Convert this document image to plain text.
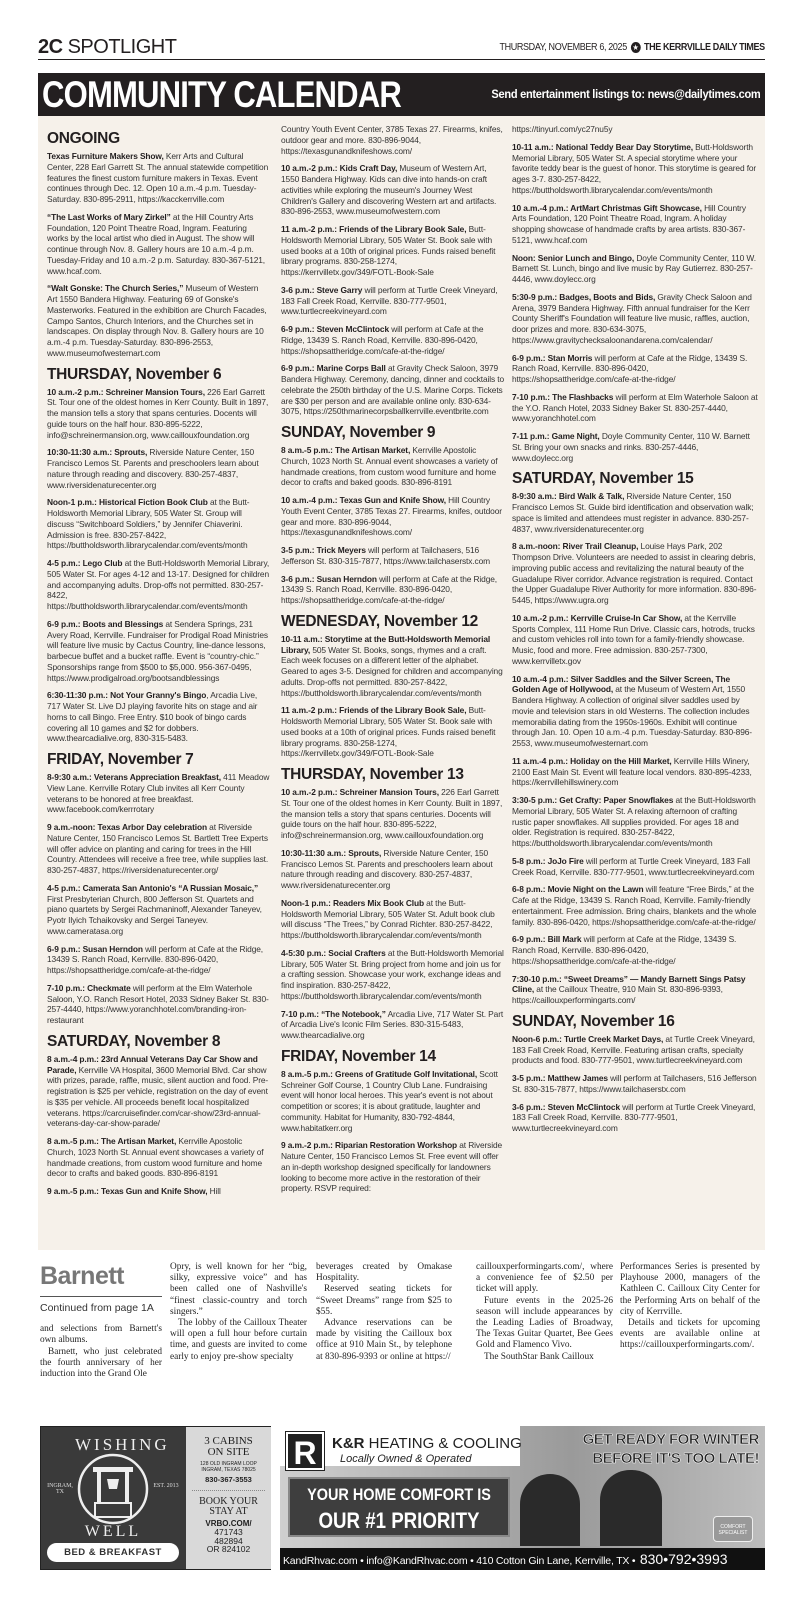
2C SPOTLIGHT	THURSDAY, NOVEMBER 6, 2025 ★ THE KERRVILLE DAILY TIMES
COMMUNITY CALENDAR	Send entertainment listings to: news@dailytimes.com
ONGOING
Texas Furniture Makers Show, Kerr Arts and Cultural Center, 228 Earl Garrett St. The annual statewide competition features the finest custom furniture makers in Texas. Event continues through Dec. 12. Open 10 a.m.-4 p.m. Tuesday-Saturday. 830-895-2911, https://kacckerrville.com
“The Last Works of Mary Zirkel” at the Hill Country Arts Foundation, 120 Point Theatre Road, Ingram. Featuring works by the local artist who died in August. The show will continue through Nov. 8. Gallery hours are 10 a.m.-4 p.m. Tuesday-Friday and 10 a.m.-2 p.m. Saturday. 830-367-5121, www.hcaf.com.
“Walt Gonske: The Church Series,” Museum of Western Art 1550 Bandera Highway. Featuring 69 of Gonske's Masterworks. Featured in the exhibition are Church Facades, Campo Santos, Church Interiors, and the Churches set in landscapes. On display through Nov. 8. Gallery hours are 10 a.m.-4 p.m. Tuesday-Saturday. 830-896-2553, www.museumofwesternart.com
THURSDAY, November 6
10 a.m.-2 p.m.: Schreiner Mansion Tours, 226 Earl Garrett St. Tour one of the oldest homes in Kerr County. Built in 1897, the mansion tells a story that spans centuries. Docents will guide tours on the half hour. 830-895-5222, info@schreinermansion.org, www.caillouxfoundation.org
10:30-11:30 a.m.: Sprouts, Riverside Nature Center, 150 Francisco Lemos St. Parents and preschoolers learn about nature through reading and discovery. 830-257-4837, www.riversidenaturecenter.org
Noon-1 p.m.: Historical Fiction Book Club at the Butt-Holdsworth Memorial Library, 505 Water St. Group will discuss “Switchboard Soldiers,” by Jennifer Chiaverini. Admission is free. 830-257-8422, https://buttholdsworth.librarycalendar.com/events/month
4-5 p.m.: Lego Club at the Butt-Holdsworth Memorial Library, 505 Water St. For ages 4-12 and 13-17. Designed for children and accompanying adults. Drop-offs not permitted. 830-257-8422, https://buttholdsworth.librarycalendar.com/events/month
6-9 p.m.: Boots and Blessings at Sendera Springs, 231 Avery Road, Kerrville. Fundraiser for Prodigal Road Ministries will feature live music by Cactus Country, line-dance lessons, barbecue buffet and a bucket raffle. Event is “country-chic.” Sponsorships range from $500 to $5,000. 956-367-0495, https://www.prodigalroad.org/bootsandblessings
6:30-11:30 p.m.: Not Your Granny's Bingo, Arcadia Live, 717 Water St. Live DJ playing favorite hits on stage and air horns to call Bingo. Free Entry. $10 book of bingo cards covering all 10 games and $2 for dobbers. www.thearcadialive.org, 830-315-5483.
FRIDAY, November 7
8-9:30 a.m.: Veterans Appreciation Breakfast, 411 Meadow View Lane. Kerrville Rotary Club invites all Kerr County veterans to be honored at free breakfast. www.facebook.com/kerrrotary
9 a.m.-noon: Texas Arbor Day celebration at Riverside Nature Center, 150 Francisco Lemos St. Bartlett Tree Experts will offer advice on planting and caring for trees in the Hill Country. Attendees will receive a free tree, while supplies last. 830-257-4837, https://riversidenaturecenter.org/
4-5 p.m.: Camerata San Antonio's “A Russian Mosaic,” First Presbyterian Church, 800 Jefferson St. Quartets and piano quartets by Sergei Rachmaninoff, Alexander Taneyev, Pyotr Ilyich Tchaikovsky and Sergei Taneyev. www.cameratasa.org
6-9 p.m.: Susan Herndon will perform at Cafe at the Ridge, 13439 S. Ranch Road, Kerrville. 830-896-0420, https://shopsattheridge.com/cafe-at-the-ridge/
7-10 p.m.: Checkmate will perform at the Elm Waterhole Saloon, Y.O. Ranch Resort Hotel, 2033 Sidney Baker St. 830-257-4440, https://www.yoranchhotel.com/branding-iron-restaurant
SATURDAY, November 8
8 a.m.-4 p.m.: 23rd Annual Veterans Day Car Show and Parade, Kerrville VA Hospital, 3600 Memorial Blvd. Car show with prizes, parade, raffle, music, silent auction and food. Pre-registration is $25 per vehicle, registration on the day of event is $35 per vehicle. All proceeds benefit local hospitalized veterans. https://carcruisefinder.com/car-show/23rd-annual-veterans-day-car-show-parade/
8 a.m.-5 p.m.: The Artisan Market, Kerrville Apostolic Church, 1023 North St. Annual event showcases a variety of handmade creations, from custom wood furniture and home decor to crafts and baked goods. 830-896-8191
9 a.m.-5 p.m.: Texas Gun and Knife Show, Hill
Country Youth Event Center, 3785 Texas 27. Firearms, knifes, outdoor gear and more. 830-896-9044, https://texasgunandknifeshows.com/
10 a.m.-2 p.m.: Kids Craft Day, Museum of Western Art, 1550 Bandera Highway. Kids can dive into hands-on craft activities while exploring the museum's Journey West Children's Gallery and discovering Western art and artifacts. 830-896-2553, www.museumofwestern.com
11 a.m.-2 p.m.: Friends of the Library Book Sale, Butt-Holdsworth Memorial Library, 505 Water St. Book sale with used books at a 10th of original prices. Funds raised benefit library programs. 830-258-1274, https://kerrvilletx.gov/349/FOTL-Book-Sale
3-6 p.m.: Steve Garry will perform at Turtle Creek Vineyard, 183 Fall Creek Road, Kerrville. 830-777-9501, www.turtlecreekvineyard.com
6-9 p.m.: Steven McClintock will perform at Cafe at the Ridge, 13439 S. Ranch Road, Kerrville. 830-896-0420, https://shopsattheridge.com/cafe-at-the-ridge/
6-9 p.m.: Marine Corps Ball at Gravity Check Saloon, 3979 Bandera Highway. Ceremony, dancing, dinner and cocktails to celebrate the 250th birthday of the U.S. Marine Corps. Tickets are $30 per person and are available online only. 830-634-3075, https://250thmarinecorpsballkerrville.eventbrite.com
SUNDAY, November 9
8 a.m.-5 p.m.: The Artisan Market, Kerrville Apostolic Church, 1023 North St. Annual event showcases a variety of handmade creations, from custom wood furniture and home decor to crafts and baked goods. 830-896-8191
10 a.m.-4 p.m.: Texas Gun and Knife Show, Hill Country Youth Event Center, 3785 Texas 27. Firearms, knifes, outdoor gear and more. 830-896-9044, https://texasgunandknifeshows.com/
3-5 p.m.: Trick Meyers will perform at Tailchasers, 516 Jefferson St. 830-315-7877, https://www.tailchaserstx.com
3-6 p.m.: Susan Herndon will perform at Cafe at the Ridge, 13439 S. Ranch Road, Kerrville. 830-896-0420, https://shopsattheridge.com/cafe-at-the-ridge/
WEDNESDAY, November 12
10-11 a.m.: Storytime at the Butt-Holdsworth Memorial Library, 505 Water St. Books, songs, rhymes and a craft. Each week focuses on a different letter of the alphabet. Geared to ages 3-5. Designed for children and accompanying adults. Drop-offs not permitted. 830-257-8422, https://buttholdsworth.librarycalendar.com/events/month
11 a.m.-2 p.m.: Friends of the Library Book Sale, Butt-Holdsworth Memorial Library, 505 Water St. Book sale with used books at a 10th of original prices. Funds raised benefit library programs. 830-258-1274, https://kerrvilletx.gov/349/FOTL-Book-Sale
THURSDAY, November 13
10 a.m.-2 p.m.: Schreiner Mansion Tours, 226 Earl Garrett St. Tour one of the oldest homes in Kerr County. Built in 1897, the mansion tells a story that spans centuries. Docents will guide tours on the half hour. 830-895-5222, info@schreinermansion.org, www.caillouxfoundation.org
10:30-11:30 a.m.: Sprouts, Riverside Nature Center, 150 Francisco Lemos St. Parents and preschoolers learn about nature through reading and discovery. 830-257-4837, www.riversidenaturecenter.org
Noon-1 p.m.: Readers Mix Book Club at the Butt-Holdsworth Memorial Library, 505 Water St. Adult book club will discuss “The Trees,” by Conrad Richter. 830-257-8422, https://buttholdsworth.librarycalendar.com/events/month
4-5:30 p.m.: Social Crafters at the Butt-Holdsworth Memorial Library, 505 Water St. Bring project from home and join us for a crafting session. Showcase your work, exchange ideas and find inspiration. 830-257-8422, https://buttholdsworth.librarycalendar.com/events/month
7-10 p.m.: “The Notebook,” Arcadia Live, 717 Water St. Part of Arcadia Live's Iconic Film Series. 830-315-5483, www.thearcadialive.org
FRIDAY, November 14
8 a.m.-5 p.m.: Greens of Gratitude Golf Invitational, Scott Schreiner Golf Course, 1 Country Club Lane. Fundraising event will honor local heroes. This year's event is not about competition or scores; it is about gratitude, laughter and community. Habitat for Humanity, 830-792-4844, www.habitatkerr.org
9 a.m.-2 p.m.: Riparian Restoration Workshop at Riverside Nature Center, 150 Francisco Lemos St. Free event will offer an in-depth workshop designed specifically for landowners looking to become more active in the restoration of their property. RSVP required:
https://tinyurl.com/yc27nu5y
10-11 a.m.: National Teddy Bear Day Storytime, Butt-Holdsworth Memorial Library, 505 Water St. A special storytime where your favorite teddy bear is the guest of honor. This storytime is geared for ages 3-7. 830-257-8422, https://buttholdsworth.librarycalendar.com/events/month
10 a.m.-4 p.m.: ArtMart Christmas Gift Showcase, Hill Country Arts Foundation, 120 Point Theatre Road, Ingram. A holiday shopping showcase of handmade crafts by area artists. 830-367-5121, www.hcaf.com
Noon: Senior Lunch and Bingo, Doyle Community Center, 110 W. Barnett St. Lunch, bingo and live music by Ray Gutierrez. 830-257-4446, www.doylecc.org
5:30-9 p.m.: Badges, Boots and Bids, Gravity Check Saloon and Arena, 3979 Bandera Highway. Fifth annual fundraiser for the Kerr County Sheriff's Foundation will feature live music, raffles, auction, door prizes and more. 830-634-3075, https://www.gravitychecksaloonandarena.com/calendar/
6-9 p.m.: Stan Morris will perform at Cafe at the Ridge, 13439 S. Ranch Road, Kerrville. 830-896-0420, https://shopsattheridge.com/cafe-at-the-ridge/
7-10 p.m.: The Flashbacks will perform at Elm Waterhole Saloon at the Y.O. Ranch Hotel, 2033 Sidney Baker St. 830-257-4440, www.yoranchhotel.com
7-11 p.m.: Game Night, Doyle Community Center, 110 W. Barnett St. Bring your own snacks and rinks. 830-257-4446, www.doylecc.org
SATURDAY, November 15
8-9:30 a.m.: Bird Walk & Talk, Riverside Nature Center, 150 Francisco Lemos St. Guide bird identification and observation walk; space is limited and attendees must register in advance. 830-257-4837, www.riversidenaturecenter.org
8 a.m.-noon: River Trail Cleanup, Louise Hays Park, 202 Thompson Drive. Volunteers are needed to assist in clearing debris, improving public access and revitalizing the natural beauty of the Guadalupe River corridor. Advance registration is required. Contact the Upper Guadalupe River Authority for more information. 830-896-5445, https://www.ugra.org
10 a.m.-2 p.m.: Kerrville Cruise-In Car Show, at the Kerrville Sports Complex, 111 Home Run Drive. Classic cars, hotrods, trucks and custom vehicles roll into town for a family-friendly showcase. Music, food and more. Free admission. 830-257-7300, www.kerrvilletx.gov
10 a.m.-4 p.m.: Silver Saddles and the Silver Screen, The Golden Age of Hollywood, at the Museum of Western Art, 1550 Bandera Highway. A collection of original silver saddles used by movie and television stars in old Westerns. The collection includes memorabilia dating from the 1950s-1960s. Exhibit will continue through Jan. 10. Open 10 a.m.-4 p.m. Tuesday-Saturday. 830-896-2553, www.museumofwesternart.com
11 a.m.-4 p.m.: Holiday on the Hill Market, Kerrville Hills Winery, 2100 East Main St. Event will feature local vendors. 830-895-4233, https://kerrvillehillswinery.com
3:30-5 p.m.: Get Crafty: Paper Snowflakes at the Butt-Holdsworth Memorial Library, 505 Water St. A relaxing afternoon of crafting rustic paper snowflakes. All supplies provided. For ages 18 and older. Registration is required. 830-257-8422, https://buttholdsworth.librarycalendar.com/events/month
5-8 p.m.: JoJo Fire will perform at Turtle Creek Vineyard, 183 Fall Creek Road, Kerrville. 830-777-9501, www.turtlecreekvineyard.com
6-8 p.m.: Movie Night on the Lawn will feature “Free Birds,” at the Cafe at the Ridge, 13439 S. Ranch Road, Kerrville. Family-friendly entertainment. Free admission. Bring chairs, blankets and the whole family. 830-896-0420, https://shopsattheridge.com/cafe-at-the-ridge/
6-9 p.m.: Bill Mark will perform at Cafe at the Ridge, 13439 S. Ranch Road, Kerrville. 830-896-0420, https://shopsattheridge.com/cafe-at-the-ridge/
7:30-10 p.m.: “Sweet Dreams” — Mandy Barnett Sings Patsy Cline, at the Cailloux Theatre, 910 Main St. 830-896-9393, https://caillouxperformingarts.com/
SUNDAY, November 16
Noon-6 p.m.: Turtle Creek Market Days, at Turtle Creek Vineyard, 183 Fall Creek Road, Kerrville. Featuring artisan crafts, specialty products and food. 830-777-9501, www.turtlecreekvineyard.com
3-5 p.m.: Matthew James will perform at Tailchasers, 516 Jefferson St. 830-315-7877, https://www.tailchaserstx.com
3-6 p.m.: Steven McClintock will perform at Turtle Creek Vineyard, 183 Fall Creek Road, Kerrville. 830-777-9501, www.turtlecreekvineyard.com
Barnett
Continued from page 1A

and selections from Barnett's own albums.

Barnett, who just celebrated the fourth anniversary of her induction into the Grand Ole

Opry, is well known for her “big, silky, expressive voice” and has been called one of Nashville's “finest classic-country and torch singers.”

The lobby of the Cailloux Theater will open a full hour before curtain time, and guests are invited to come early to enjoy pre-show specialty

beverages created by Omakase Hospitality.

Reserved seating tickets for “Sweet Dreams” range from $25 to $55.

Advance reservations can be made by visiting the Cailloux box office at 910 Main St., by telephone at 830-896-9393 or online at https://

caillouxperformingarts.com/, where a convenience fee of $2.50 per ticket will apply.

Future events in the 2025-26 season will include appearances by the Leading Ladies of Broadway, The Texas Guitar Quartet, Bee Gees Gold and Flamenco Vivo.

The SouthStar Bank Cailloux

Performances Series is presented by Playhouse 2000, managers of the Kathleen C. Cailloux City Center for the Performing Arts on behalf of the city of Kerrville.

Details and tickets for upcoming events are available online at https://caillouxperformingarts.com/.

WISHING
WELL
INGRAM, TX
EST. 2013
BED & BREAKFAST
3 CABINS ON SITE
128 OLD INGRAM LOOP
INGRAM, TEXAS 78025
830-367-3553
BOOK YOUR STAY AT
VRBO.COM/
471743 482894
OR 824102
R	K&R HEATING & COOLING
Locally Owned & Operated
YOUR HOME COMFORT IS
OUR #1 PRIORITY
GET READY FOR WINTER BEFORE IT'S TOO LATE!
COMFORT SPECIALIST
KandRhvac.com • info@KandRhvac.com • 410 Cotton Gin Lane, Kerrville, TX • 830•792•3993
